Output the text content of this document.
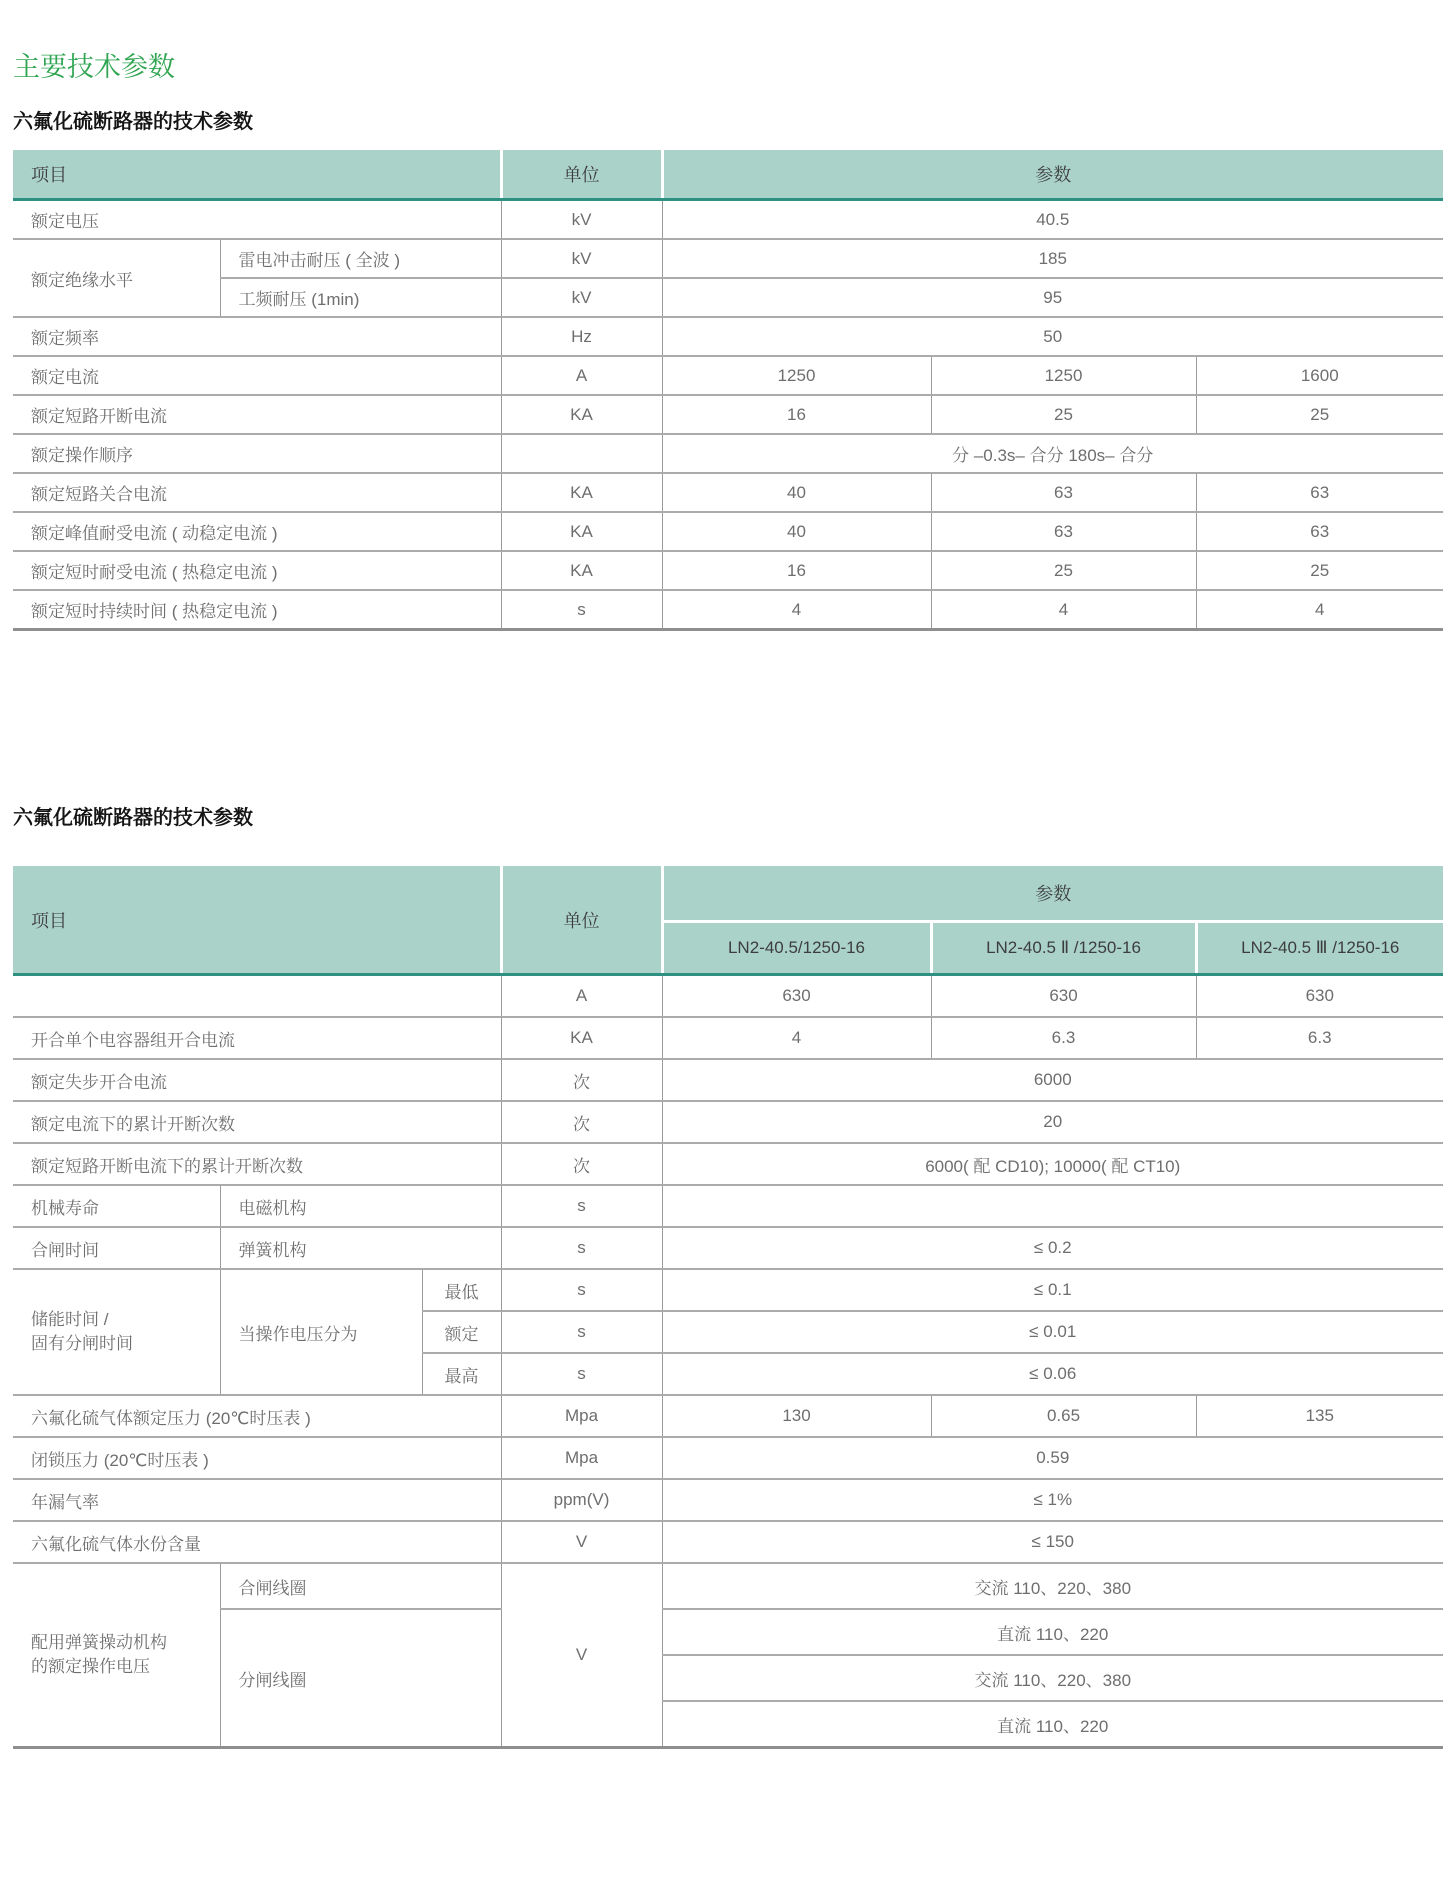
主要技术参数
六氟化硫断路器的技术参数
项目		单位	参数		
额定电压		kV	40.5		
额定绝缘水平	雷电冲击耐压 ( 全波 )	kV	185		
	工频耐压 (1min)	kV	95		
额定频率		Hz	50		
额定电流		A	1250	1250	1600
额定短路开断电流		KA	16	25	25
额定操作顺序			分 –0.3s– 合分 180s– 合分		
额定短路关合电流		KA	40	63	63
额定峰值耐受电流 ( 动稳定电流 )		KA	40	63	63
额定短时耐受电流 ( 热稳定电流 )		KA	16	25	25
额定短时持续时间 ( 热稳定电流 )		s	4	4	4
六氟化硫断路器的技术参数
项目			单位	参数		
				LN2-40.5/1250-16	LN2-40.5 Ⅱ /1250-16	LN2-40.5 Ⅲ /1250-16
			A	630	630	630
开合单个电容器组开合电流			KA	4	6.3	6.3
额定失步开合电流			次	6000		
额定电流下的累计开断次数			次	20		
额定短路开断电流下的累计开断次数			次	6000( 配 CD10); 10000( 配 CT10)		
机械寿命	电磁机构		s			
合闸时间	弹簧机构		s	≤ 0.2		

储能时间 /
固有分闸时间	当操作电压分为	最低	s	≤ 0.1		
		额定	s	≤ 0.01		
		最高	s	≤ 0.06		
六氟化硫气体额定压力 (20℃时压表 )			Mpa	130	0.65	135
闭锁压力 (20℃时压表 )			Mpa	0.59		
年漏气率			ppm(V)	≤ 1%		
六氟化硫气体水份含量			V	≤ 150		

配用弹簧操动机构
的额定操作电压	合闸线圈		V	交流 110、220、380		
	分闸线圈			直流 110、220		
				交流 110、220、380		
				直流 110、220		
